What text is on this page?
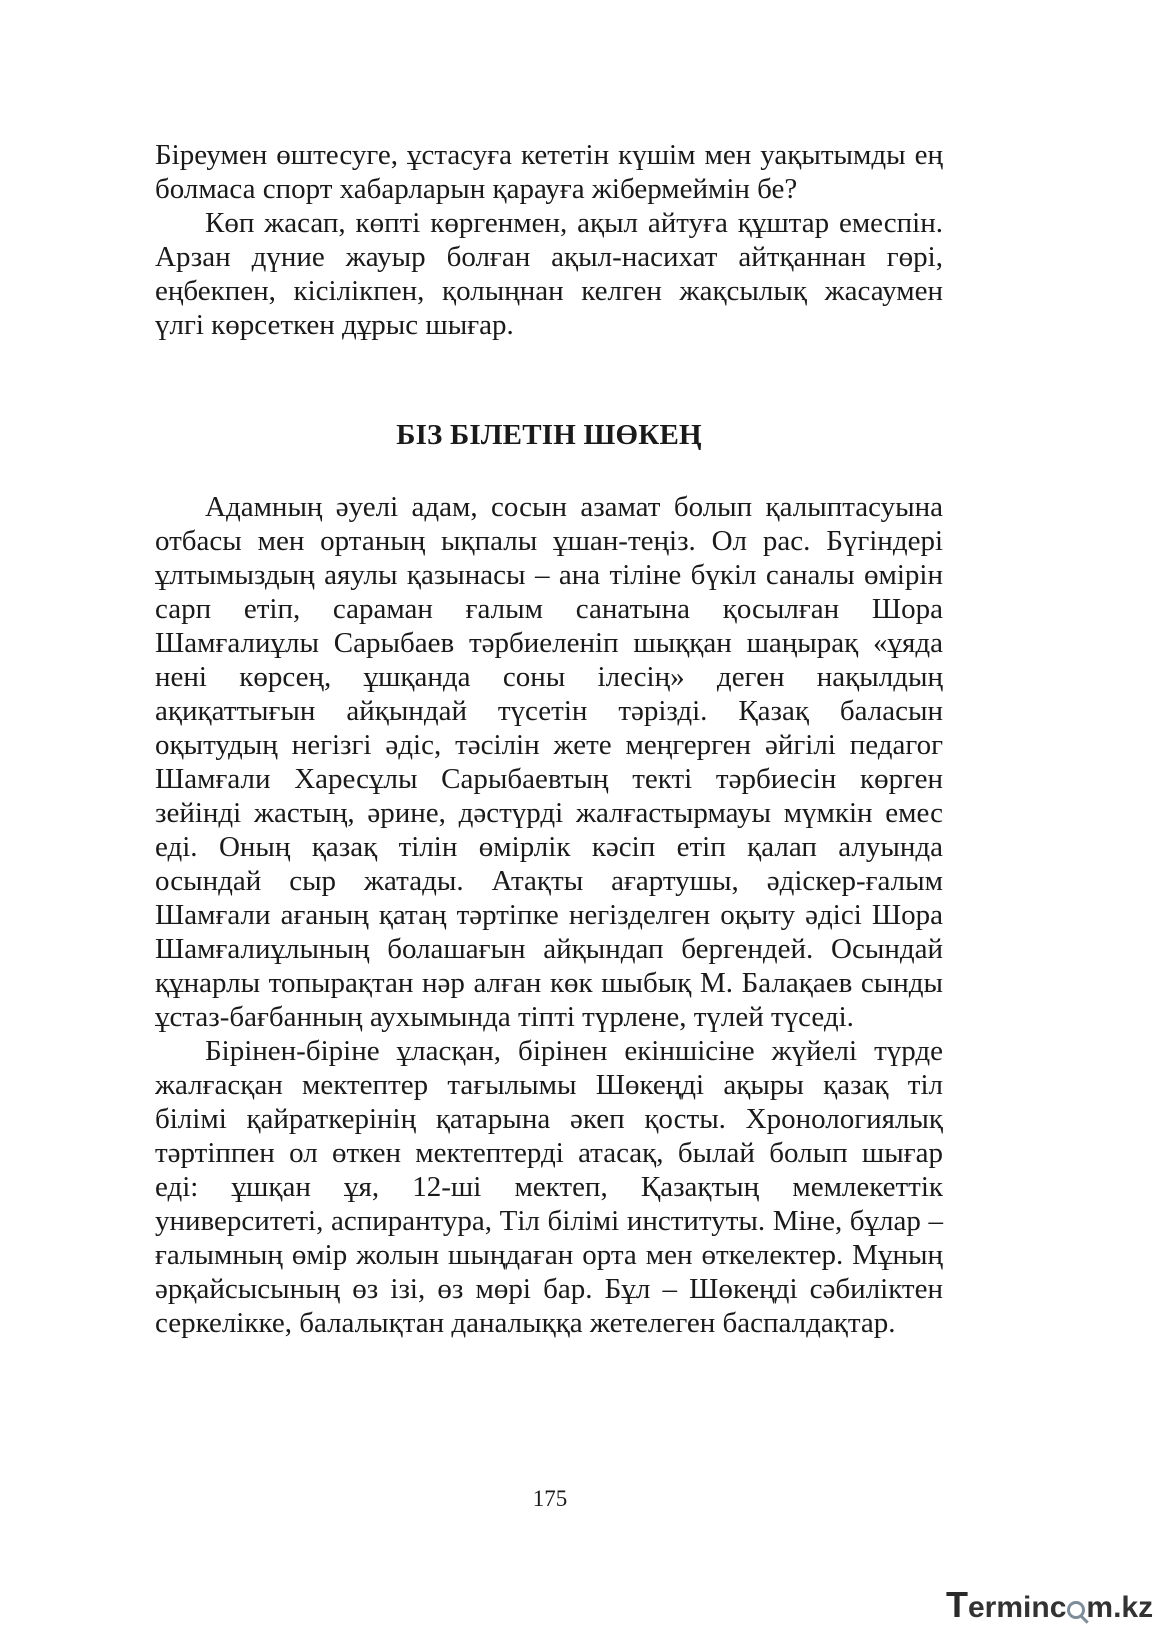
Біреумен өштесуге, ұстасуға кететін күшім мен уақытымды ең болмаса спорт хабарларын қарауға жібермеймін бе?

Көп жасап, көпті көргенмен, ақыл айтуға құштар емеспін. Арзан дүние жауыр болған ақыл-насихат айтқаннан гөрі, еңбекпен, кісілікпен, қолыңнан келген жақсылық жасаумен үлгі көрсеткен дұрыс шығар.

БІЗ БІЛЕТІН ШӨКЕҢ

Адамның әуелі адам, сосын азамат болып қалыптасуына отбасы мен ортаның ықпалы ұшан-теңіз. Ол рас. Бүгіндері ұлтымыздың аяулы қазынасы – ана тіліне бүкіл саналы өмірін сарп етіп, сараман ғалым санатына қосылған Шора Шамғалиұлы Сарыбаев тәрбиеленіп шыққан шаңырақ «ұяда нені көрсең, ұшқанда соны ілесің» деген нақылдың ақиқаттығын айқындай түсетін тәрізді. Қазақ баласын оқытудың негізгі әдіс, тәсілін жете меңгерген әйгілі педагог Шамғали Харесұлы Сарыбаевтың текті тәрбиесін көрген зейінді жастың, әрине, дәстүрді жалғастырмауы мүмкін емес еді. Оның қазақ тілін өмірлік кәсіп етіп қалап алуында осындай сыр жатады. Атақты ағартушы, әдіскер-ғалым Шамғали ағаның қатаң тәртіпке негізделген оқыту әдісі Шора Шамғалиұлының болашағын айқындап бергендей. Осындай құнарлы топырақтан нәр алған көк шыбық М. Балақаев сынды ұстаз-бағбанның аухымында тіпті түрлене, түлей түседі.

Бірінен-біріне ұласқан, бірінен екіншісіне жүйелі түрде жалғасқан мектептер тағылымы Шөкеңді ақыры қазақ тіл білімі қайраткерінің қатарына әкеп қосты. Хронологиялық тәртіппен ол өткен мектептерді атасақ, былай болып шығар еді: ұшқан ұя, 12-ші мектеп, Қазақтың мемлекеттік университеті, аспирантура, Тіл білімі институты. Міне, бұлар – ғалымның өмір жолын шыңдаған орта мен өткелектер. Мұның әрқайсысының өз ізі, өз мөрі бар. Бұл – Шөкеңді сәбиліктен серкелікке, балалықтан даналыққа жетелеген баспалдақтар.

175

Terminc m.kz
